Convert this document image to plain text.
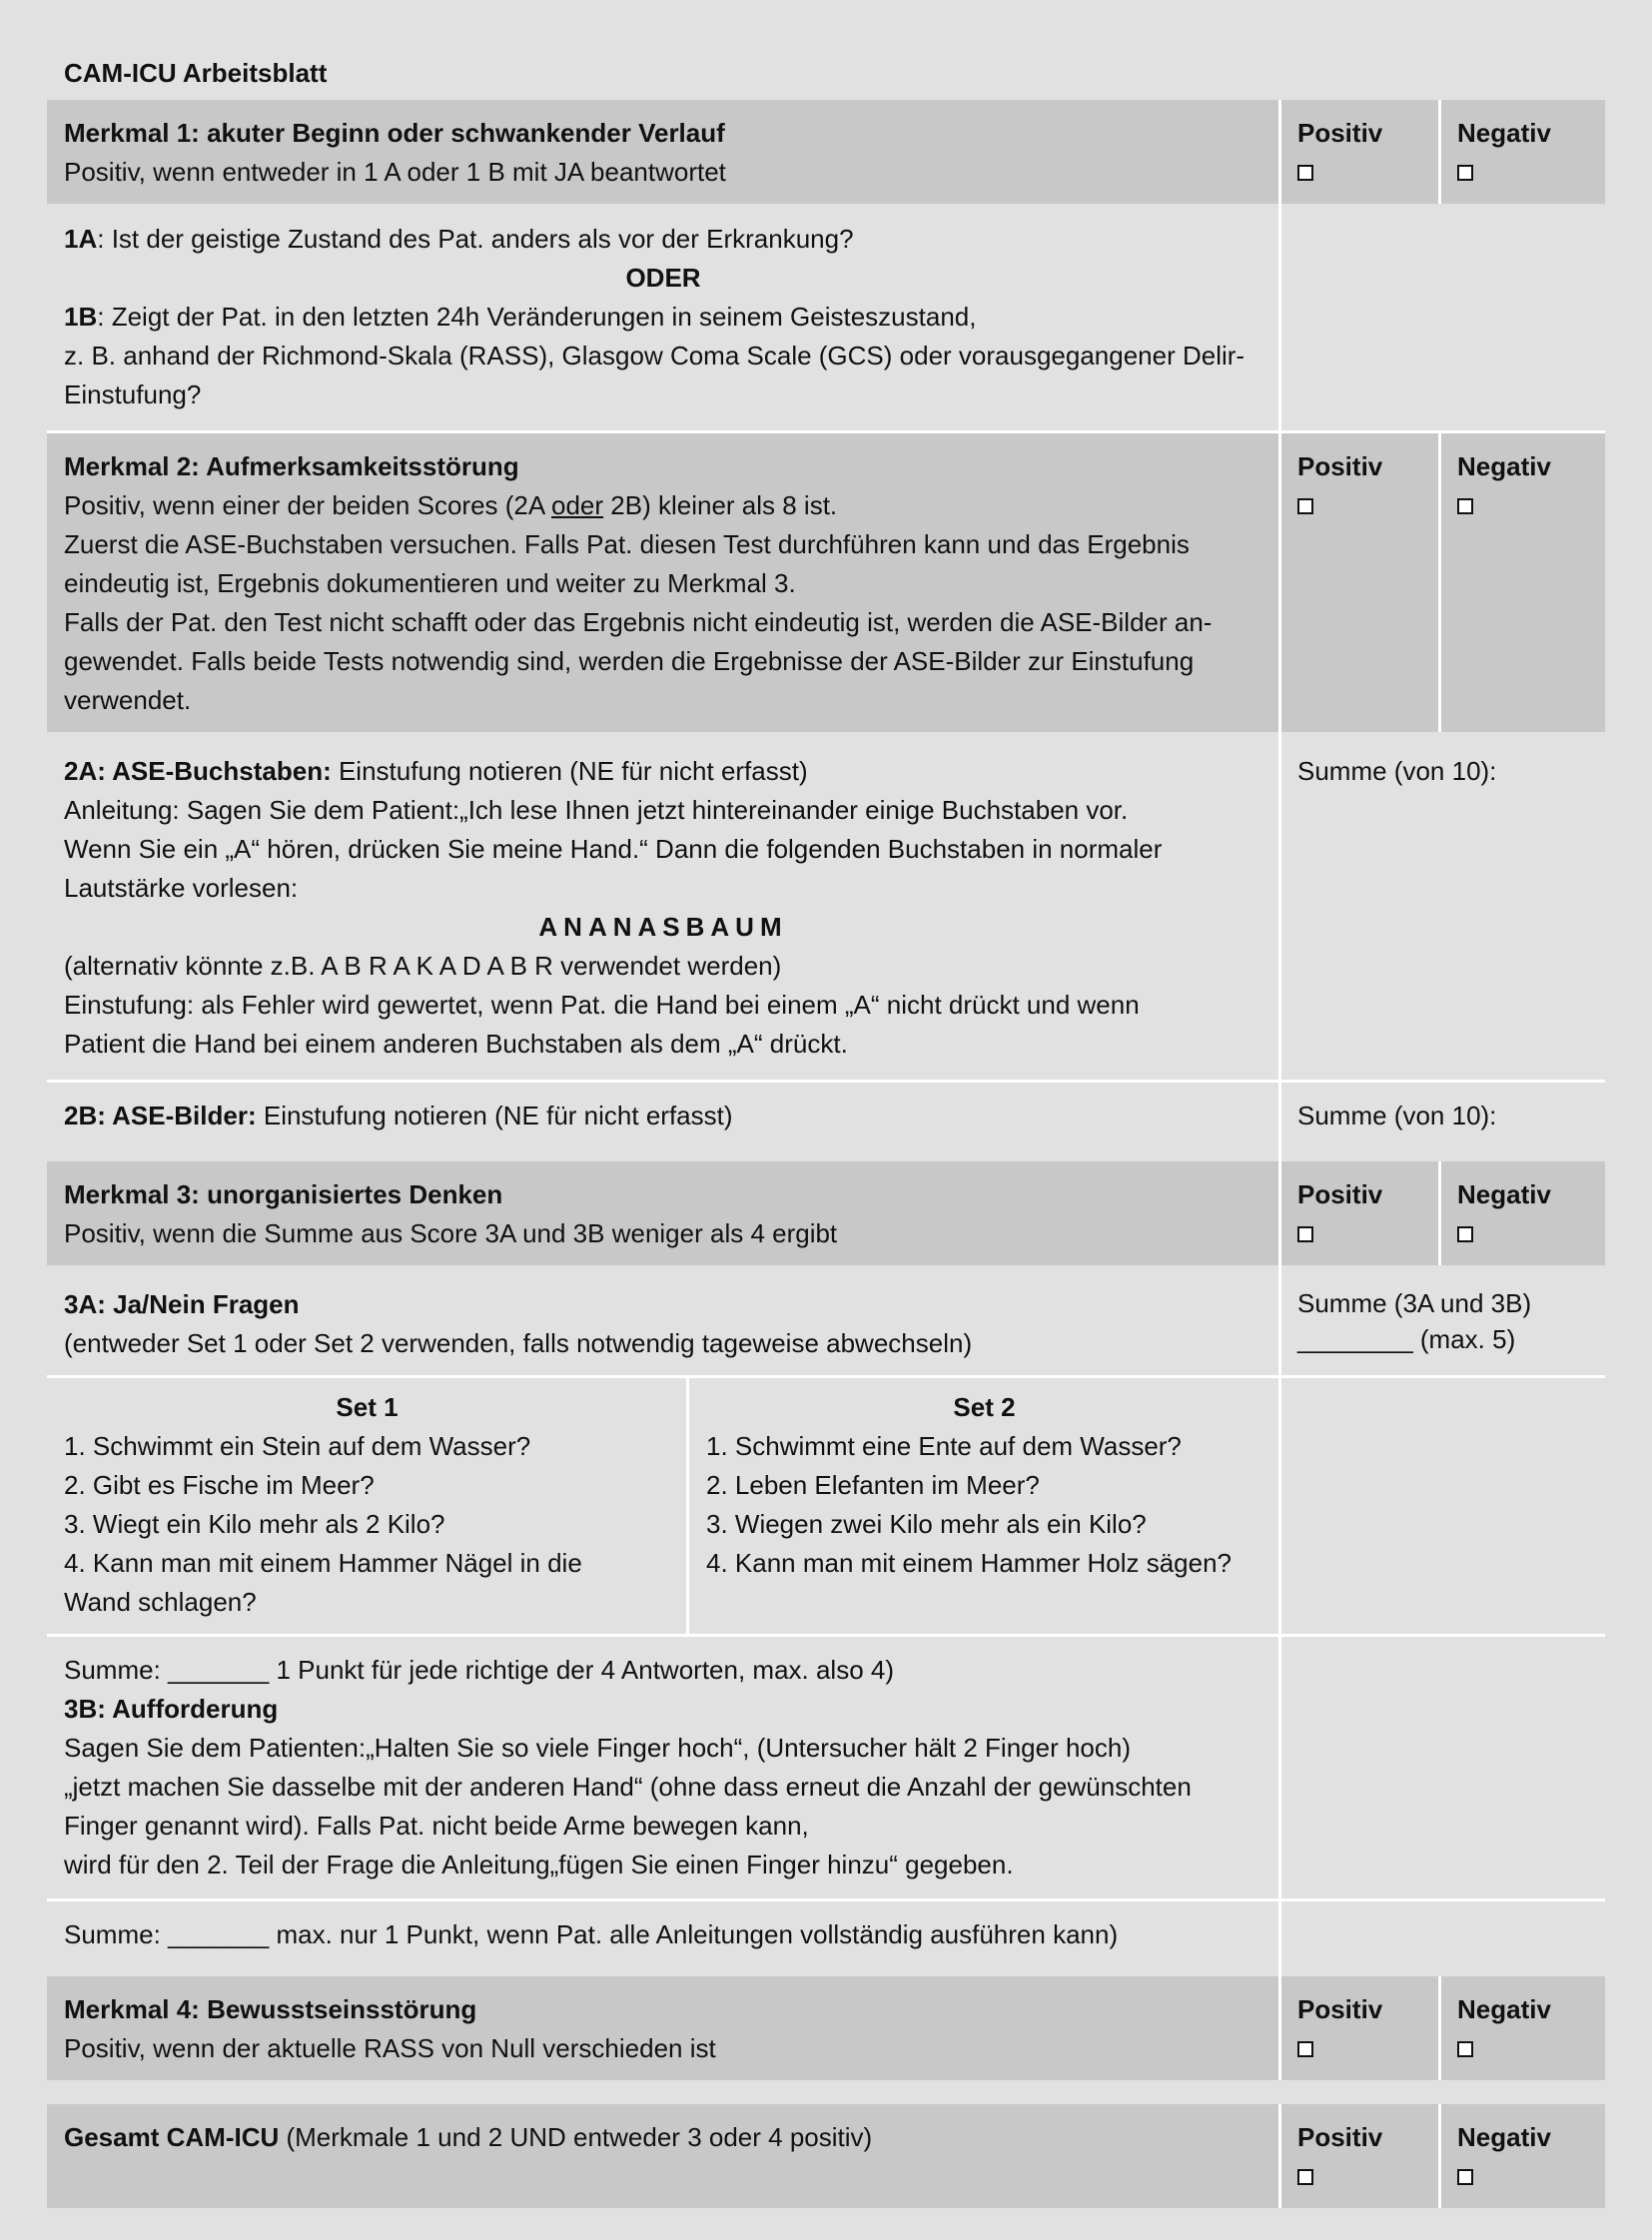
CAM-ICU Arbeitsblatt
Merkmal 1: akuter Beginn oder schwankender Verlauf
Positiv, wenn entweder in 1 A oder 1 B mit JA beantwortet
Positiv	Negativ
1A: Ist der geistige Zustand des Pat. anders als vor der Erkrankung?
ODER
1B: Zeigt der Pat. in den letzten 24h Veränderungen in seinem Geisteszustand,
z. B. anhand der Richmond-Skala (RASS), Glasgow Coma Scale (GCS) oder vorausgegangener Delir-
Einstufung?
Merkmal 2: Aufmerksamkeitsstörung
Positiv, wenn einer der beiden Scores (2A oder 2B) kleiner als 8 ist.
Zuerst die ASE-Buchstaben versuchen. Falls Pat. diesen Test durchführen kann und das Ergebnis
eindeutig ist, Ergebnis dokumentieren und weiter zu Merkmal 3.
Falls der Pat. den Test nicht schafft oder das Ergebnis nicht eindeutig ist, werden die ASE-Bilder an-
gewendet. Falls beide Tests notwendig sind, werden die Ergebnisse der ASE-Bilder zur Einstufung
verwendet.
Positiv	Negativ
2A: ASE-Buchstaben: Einstufung notieren (NE für nicht erfasst)
Anleitung: Sagen Sie dem Patient:„Ich lese Ihnen jetzt hintereinander einige Buchstaben vor.
Wenn Sie ein „A“ hören, drücken Sie meine Hand.“ Dann die folgenden Buchstaben in normaler
Lautstärke vorlesen:
ANANASBAUM
(alternativ könnte z.B. A B R A K A D A B R verwendet werden)
Einstufung: als Fehler wird gewertet, wenn Pat. die Hand bei einem „A“ nicht drückt und wenn
Patient die Hand bei einem anderen Buchstaben als dem „A“ drückt.
Summe (von 10):
2B: ASE-Bilder: Einstufung notieren (NE für nicht erfasst)	Summe (von 10):
Merkmal 3: unorganisiertes Denken
Positiv, wenn die Summe aus Score 3A und 3B weniger als 4 ergibt
Positiv	Negativ
3A: Ja/Nein Fragen
(entweder Set 1 oder Set 2 verwenden, falls notwendig tageweise abwechseln)
Summe (3A und 3B)
________ (max. 5)
Set 1
1. Schwimmt ein Stein auf dem Wasser?
2. Gibt es Fische im Meer?
3. Wiegt ein Kilo mehr als 2 Kilo?
4. Kann man mit einem Hammer Nägel in die
Wand schlagen?
Set 2
1. Schwimmt eine Ente auf dem Wasser?
2. Leben Elefanten im Meer?
3. Wiegen zwei Kilo mehr als ein Kilo?
4. Kann man mit einem Hammer Holz sägen?
Summe: _______ 1 Punkt für jede richtige der 4 Antworten, max. also 4)
3B: Aufforderung
Sagen Sie dem Patienten:„Halten Sie so viele Finger hoch“, (Untersucher hält 2 Finger hoch)
„jetzt machen Sie dasselbe mit der anderen Hand“ (ohne dass erneut die Anzahl der gewünschten
Finger genannt wird). Falls Pat. nicht beide Arme bewegen kann,
wird für den 2. Teil der Frage die Anleitung„fügen Sie einen Finger hinzu“ gegeben.
Summe: _______ max. nur 1 Punkt, wenn Pat. alle Anleitungen vollständig ausführen kann)
Merkmal 4: Bewusstseinsstörung
Positiv, wenn der aktuelle RASS von Null verschieden ist
Positiv	Negativ
Gesamt CAM-ICU (Merkmale 1 und 2 UND entweder 3 oder 4 positiv)	Positiv	Negativ
